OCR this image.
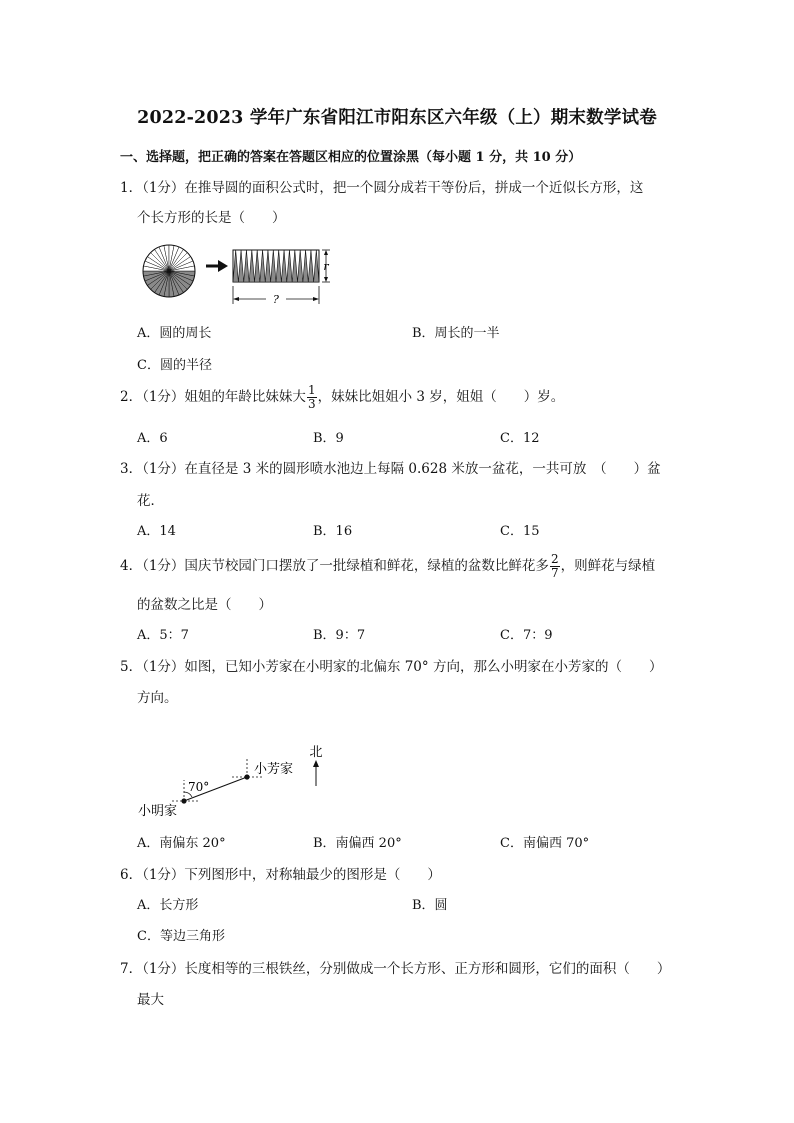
2022-2023 学年广东省阳江市阳东区六年级（上）期末数学试卷
一、选择题，把正确的答案在答题区相应的位置涂黑（每小题 1 分，共 10 分）
1．（1分）在推导圆的面积公式时，把一个圆分成若干等份后，拼成一个近似长方形，这
个长方形的长是（　　）
r
?
A．圆的周长	B．周长的一半
C．圆的半径
2．（1分）姐姐的年龄比妹妹大 $\frac{1}{3}$ ，妹妹比姐姐小 3 岁，姐姐（　　）岁。
A．6	B．9	C．12
3．（1分）在直径是 3 米的圆形喷水池边上每隔 0.628 米放一盆花，一共可放　（　　）盆
花．
A．14	B．16	C．15
4．（1分）国庆节校园门口摆放了一批绿植和鲜花，绿植的盆数比鲜花多 $\frac{2}{7}$ ，则鲜花与绿植
的盆数之比是（　　）
A．5：7	B．9：7	C．7：9
5．（1分）如图，已知小芳家在小明家的北偏东 70° 方向，那么小明家在小芳家的（　　）
方向。
北
小芳家
小明家
70°
A．南偏东 20°	B．南偏西 20°	C．南偏西 70°
6．（1分）下列图形中，对称轴最少的图形是（　　）
A．长方形	B．圆
C．等边三角形
7．（1分）长度相等的三根铁丝，分别做成一个长方形、正方形和圆形，它们的面积（　　）
最大
